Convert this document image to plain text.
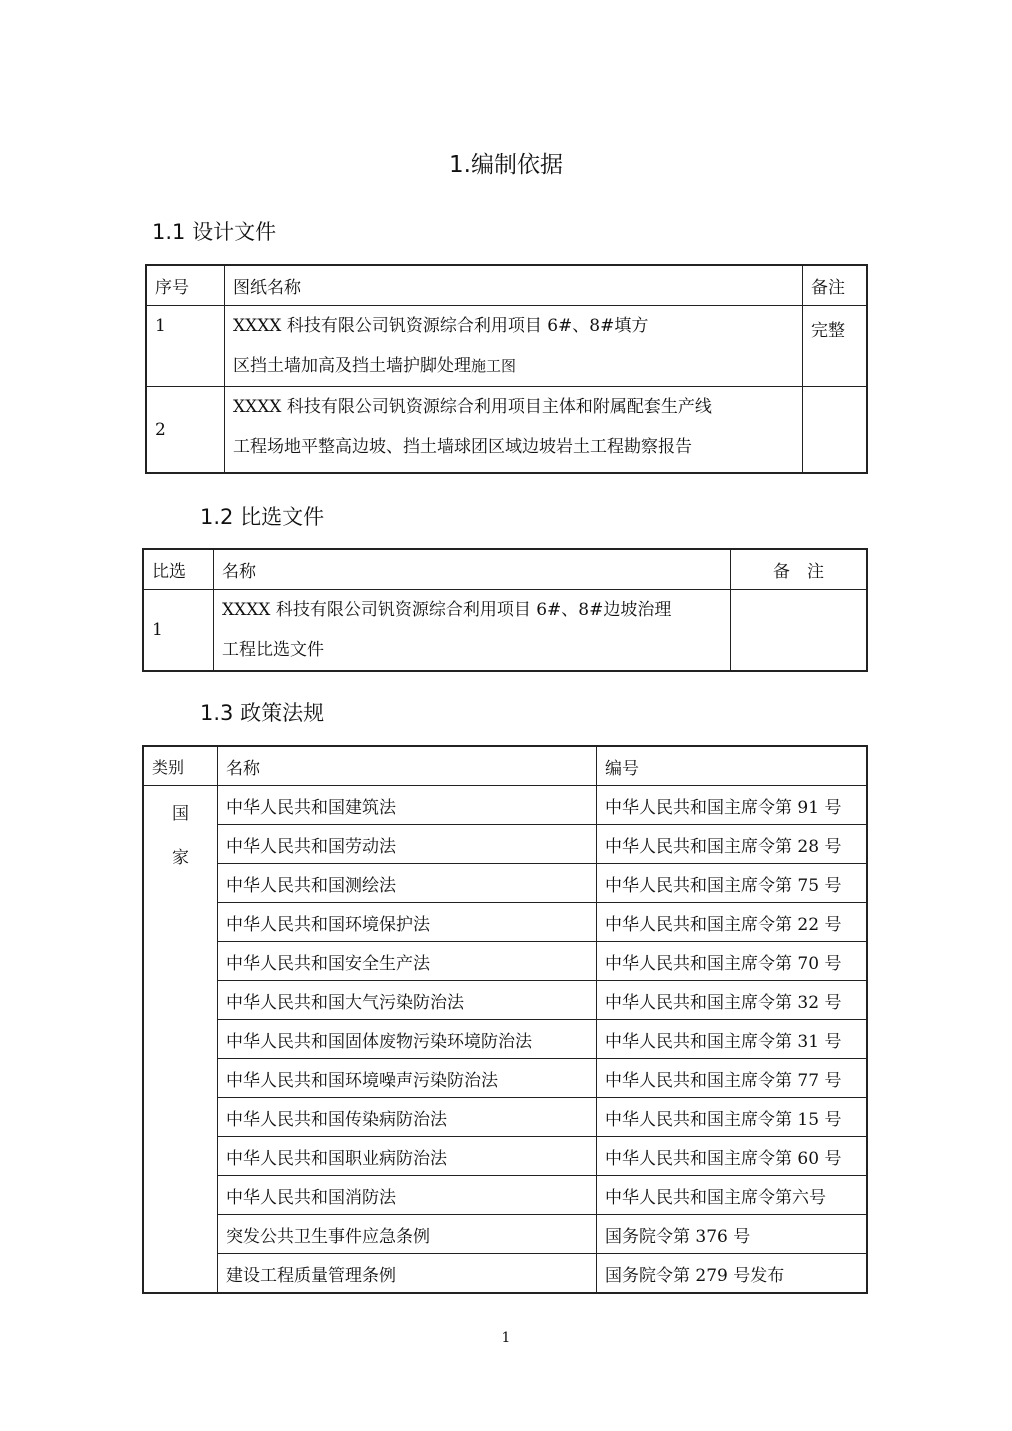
1.编制依据
1.1 设计文件
序号	图纸名称	备注
1	XXXX 科技有限公司钒资源综合利用项目 6#、8#填方
区挡土墙加高及挡土墙护脚处理施工图	完整
2	XXXX 科技有限公司钒资源综合利用项目主体和附属配套生产线
工程场地平整高边坡、挡土墙球团区域边坡岩土工程勘察报告	

1.2 比选文件
比选	名称	备　注
1	XXXX 科技有限公司钒资源综合利用项目 6#、8#边坡治理
工程比选文件	

1.3 政策法规
类别	名称	编号

国
家	中华人民共和国建筑法	中华人民共和国主席令第 91 号
	中华人民共和国劳动法	中华人民共和国主席令第 28 号
	中华人民共和国测绘法	中华人民共和国主席令第 75 号
	中华人民共和国环境保护法	中华人民共和国主席令第 22 号
	中华人民共和国安全生产法	中华人民共和国主席令第 70 号
	中华人民共和国大气污染防治法	中华人民共和国主席令第 32 号
	中华人民共和国固体废物污染环境防治法	中华人民共和国主席令第 31 号
	中华人民共和国环境噪声污染防治法	中华人民共和国主席令第 77 号
	中华人民共和国传染病防治法	中华人民共和国主席令第 15 号
	中华人民共和国职业病防治法	中华人民共和国主席令第 60 号
	中华人民共和国消防法	中华人民共和国主席令第六号
	突发公共卫生事件应急条例	国务院令第 376 号
	建设工程质量管理条例	国务院令第 279 号发布
1
